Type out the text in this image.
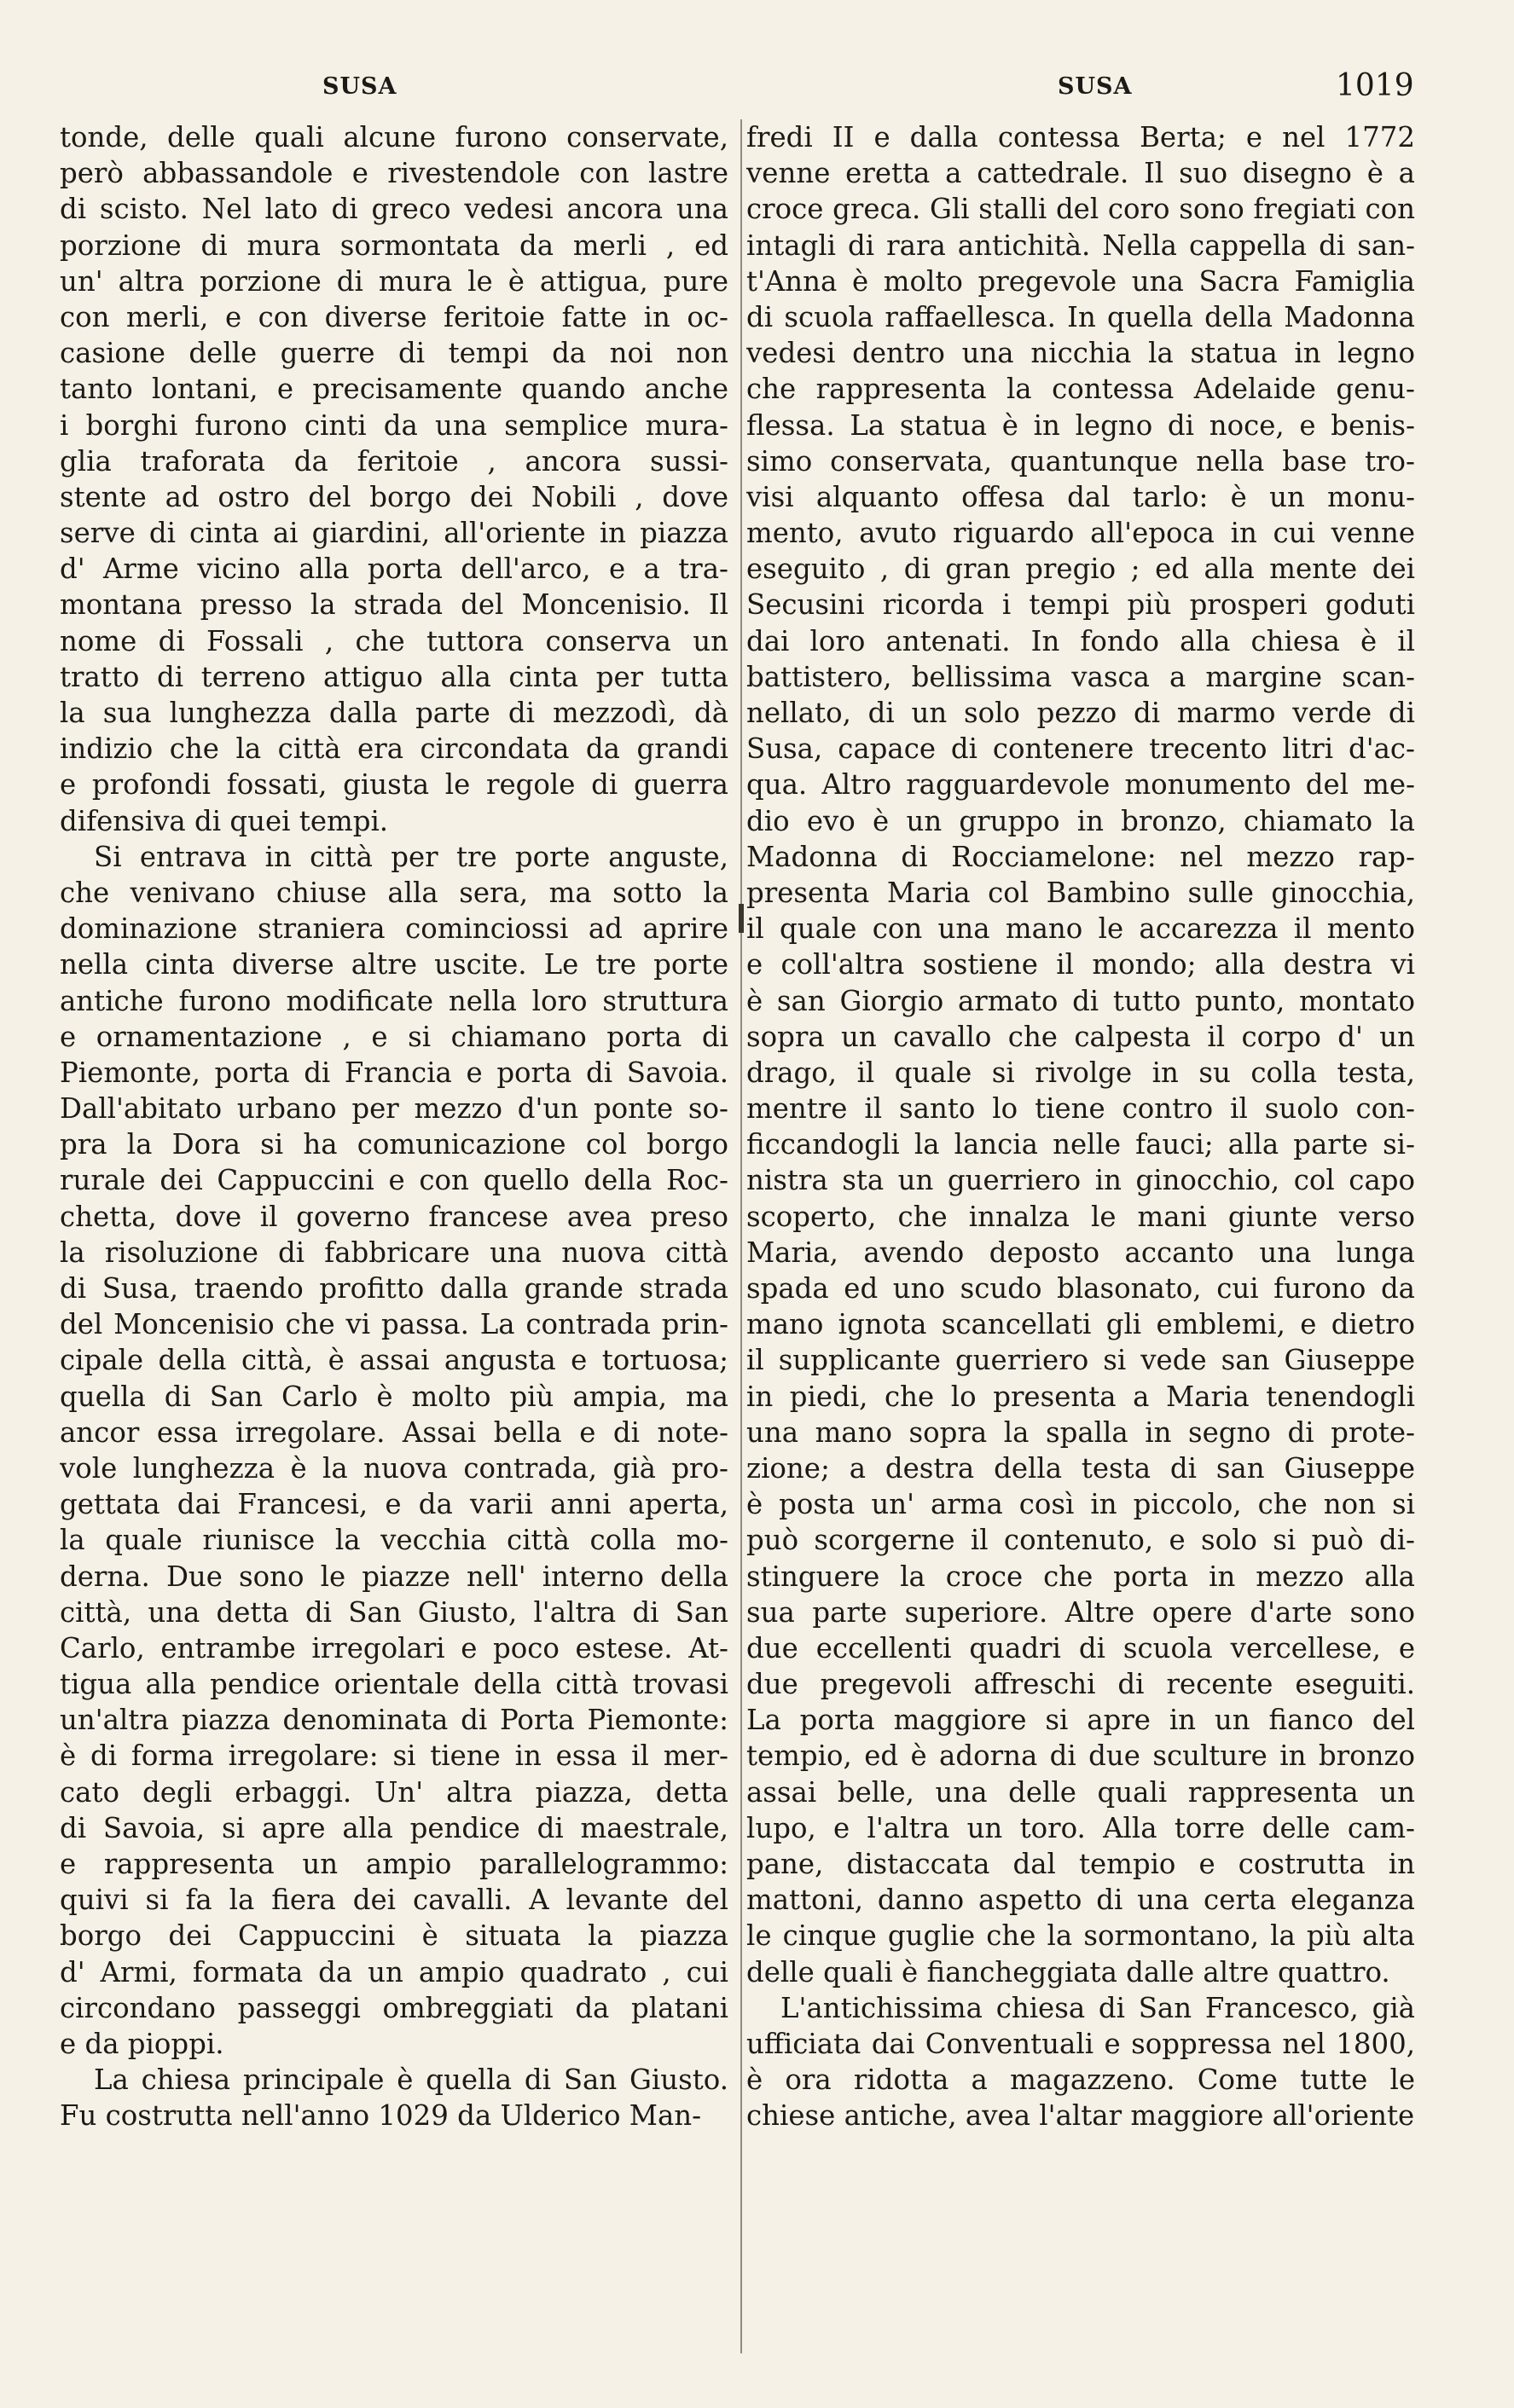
SUSA	SUSA	1019
tonde, delle quali alcune furono conservate,
però abbassandole e rivestendole con lastre
di scisto. Nel lato di greco vedesi ancora una
porzione di mura sormontata da merli , ed
un' altra porzione di mura le è attigua, pure
con merli, e con diverse feritoie fatte in oc-
casione delle guerre di tempi da noi non
tanto lontani, e precisamente quando anche
i borghi furono cinti da una semplice mura-
glia traforata da feritoie , ancora sussi-
stente ad ostro del borgo dei Nobili , dove
serve di cinta ai giardini, all'oriente in piazza
d' Arme vicino alla porta dell'arco, e a tra-
montana presso la strada del Moncenisio. Il
nome di Fossali , che tuttora conserva un
tratto di terreno attiguo alla cinta per tutta
la sua lunghezza dalla parte di mezzodì, dà
indizio che la città era circondata da grandi
e profondi fossati, giusta le regole di guerra
difensiva di quei tempi.
Si entrava in città per tre porte anguste,
che venivano chiuse alla sera, ma sotto la
dominazione straniera cominciossi ad aprire
nella cinta diverse altre uscite. Le tre porte
antiche furono modificate nella loro struttura
e ornamentazione , e si chiamano porta di
Piemonte, porta di Francia e porta di Savoia.
Dall'abitato urbano per mezzo d'un ponte so-
pra la Dora si ha comunicazione col borgo
rurale dei Cappuccini e con quello della Roc-
chetta, dove il governo francese avea preso
la risoluzione di fabbricare una nuova città
di Susa, traendo profitto dalla grande strada
del Moncenisio che vi passa. La contrada prin-
cipale della città, è assai angusta e tortuosa;
quella di San Carlo è molto più ampia, ma
ancor essa irregolare. Assai bella e di note-
vole lunghezza è la nuova contrada, già pro-
gettata dai Francesi, e da varii anni aperta,
la quale riunisce la vecchia città colla mo-
derna. Due sono le piazze nell' interno della
città, una detta di San Giusto, l'altra di San
Carlo, entrambe irregolari e poco estese. At-
tigua alla pendice orientale della città trovasi
un'altra piazza denominata di Porta Piemonte:
è di forma irregolare: si tiene in essa il mer-
cato degli erbaggi. Un' altra piazza, detta
di Savoia, si apre alla pendice di maestrale,
e rappresenta un ampio parallelogrammo:
quivi si fa la fiera dei cavalli. A levante del
borgo dei Cappuccini è situata la piazza
d' Armi, formata da un ampio quadrato , cui
circondano passeggi ombreggiati da platani
e da pioppi.
La chiesa principale è quella di San Giusto.
Fu costrutta nell'anno 1029 da Ulderico Man-
fredi II e dalla contessa Berta; e nel 1772
venne eretta a cattedrale. Il suo disegno è a
croce greca. Gli stalli del coro sono fregiati con
intagli di rara antichità. Nella cappella di san-
t'Anna è molto pregevole una Sacra Famiglia
di scuola raffaellesca. In quella della Madonna
vedesi dentro una nicchia la statua in legno
che rappresenta la contessa Adelaide genu-
flessa. La statua è in legno di noce, e benis-
simo conservata, quantunque nella base tro-
visi alquanto offesa dal tarlo: è un monu-
mento, avuto riguardo all'epoca in cui venne
eseguito , di gran pregio ; ed alla mente dei
Secusini ricorda i tempi più prosperi goduti
dai loro antenati. In fondo alla chiesa è il
battistero, bellissima vasca a margine scan-
nellato, di un solo pezzo di marmo verde di
Susa, capace di contenere trecento litri d'ac-
qua. Altro ragguardevole monumento del me-
dio evo è un gruppo in bronzo, chiamato la
Madonna di Rocciamelone: nel mezzo rap-
presenta Maria col Bambino sulle ginocchia,
il quale con una mano le accarezza il mento
e coll'altra sostiene il mondo; alla destra vi
è san Giorgio armato di tutto punto, montato
sopra un cavallo che calpesta il corpo d' un
drago, il quale si rivolge in su colla testa,
mentre il santo lo tiene contro il suolo con-
ficcandogli la lancia nelle fauci; alla parte si-
nistra sta un guerriero in ginocchio, col capo
scoperto, che innalza le mani giunte verso
Maria, avendo deposto accanto una lunga
spada ed uno scudo blasonato, cui furono da
mano ignota scancellati gli emblemi, e dietro
il supplicante guerriero si vede san Giuseppe
in piedi, che lo presenta a Maria tenendogli
una mano sopra la spalla in segno di prote-
zione; a destra della testa di san Giuseppe
è posta un' arma così in piccolo, che non si
può scorgerne il contenuto, e solo si può di-
stinguere la croce che porta in mezzo alla
sua parte superiore. Altre opere d'arte sono
due eccellenti quadri di scuola vercellese, e
due pregevoli affreschi di recente eseguiti.
La porta maggiore si apre in un fianco del
tempio, ed è adorna di due sculture in bronzo
assai belle, una delle quali rappresenta un
lupo, e l'altra un toro. Alla torre delle cam-
pane, distaccata dal tempio e costrutta in
mattoni, danno aspetto di una certa eleganza
le cinque guglie che la sormontano, la più alta
delle quali è fiancheggiata dalle altre quattro.
L'antichissima chiesa di San Francesco, già
ufficiata dai Conventuali e soppressa nel 1800,
è ora ridotta a magazzeno. Come tutte le
chiese antiche, avea l'altar maggiore all'oriente
